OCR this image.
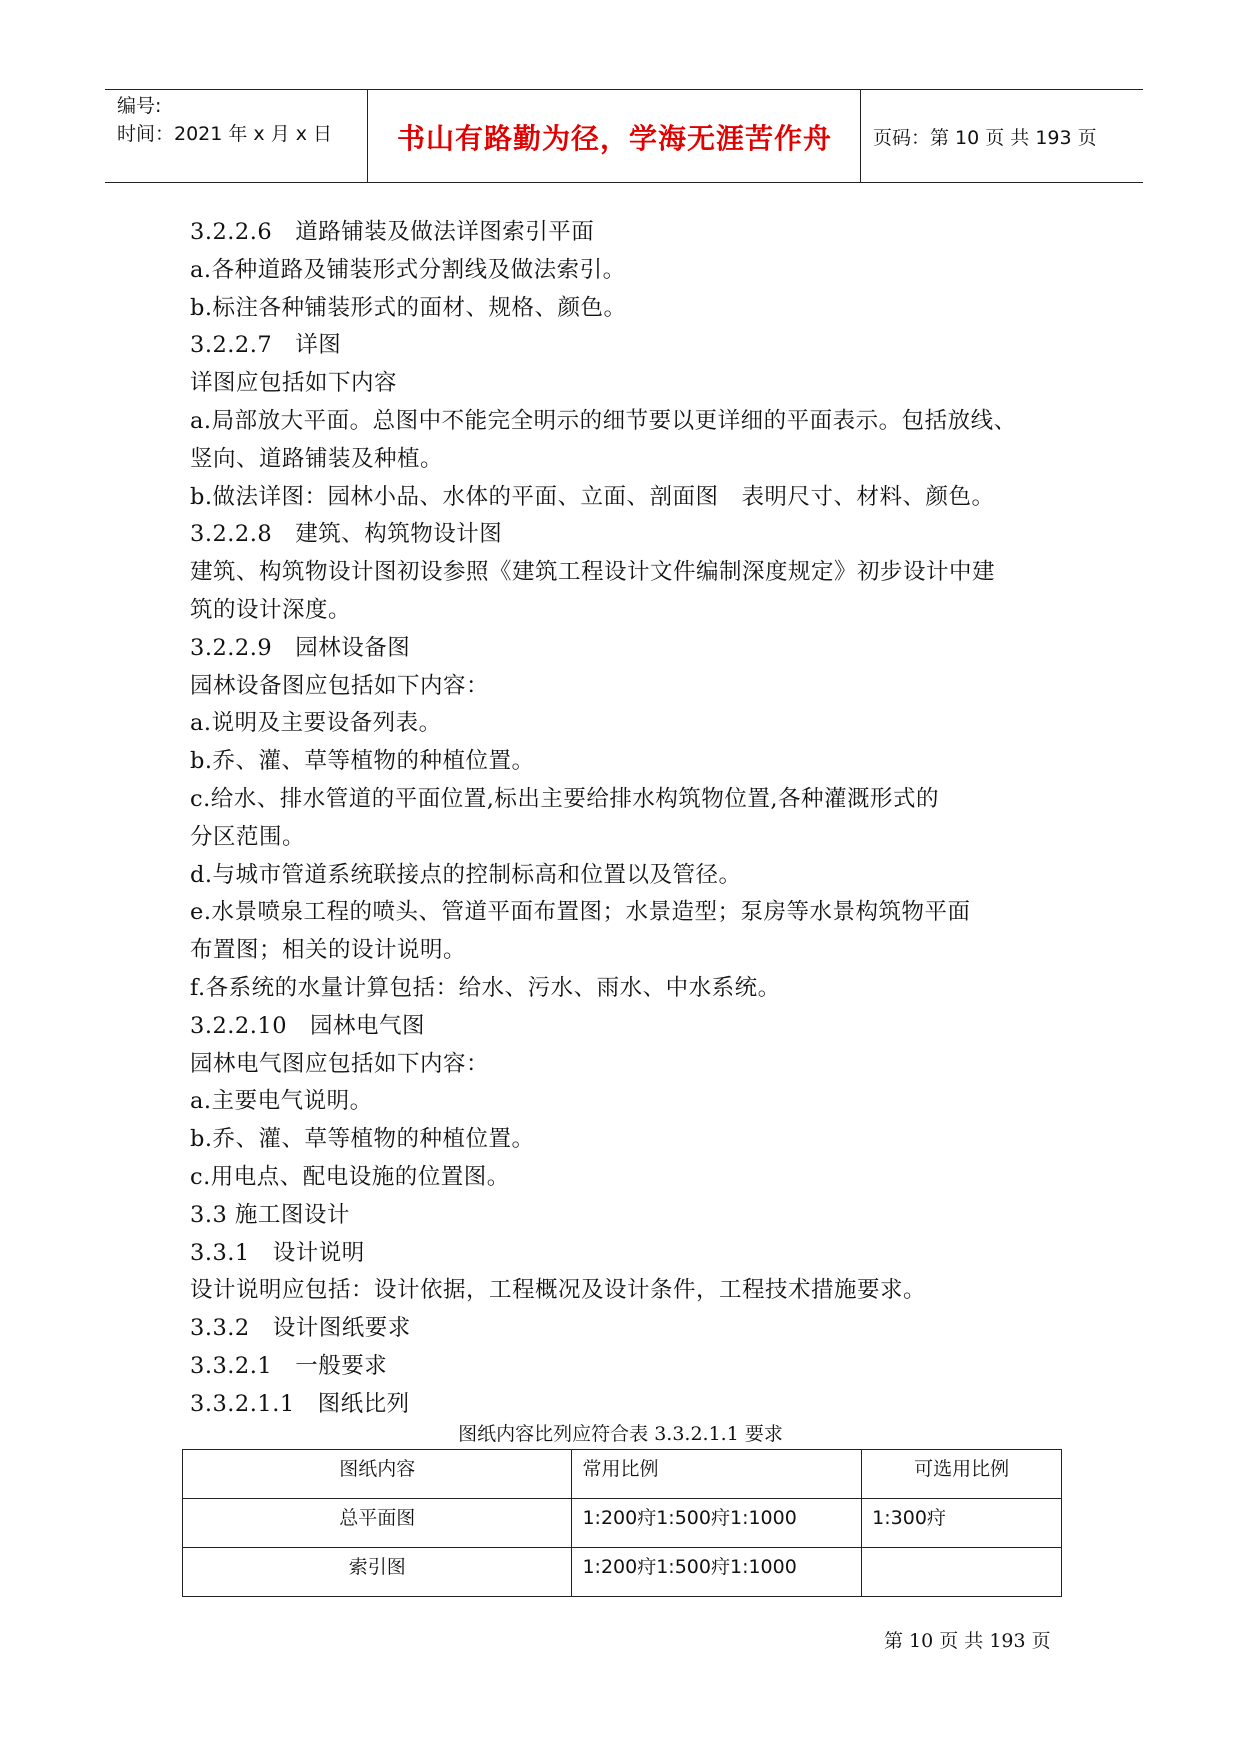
编号:
时间：2021 年 x 月 x 日	书山有路勤为径，学海无涯苦作舟	页码：第 10 页 共 193 页
3.2.2.6　道路铺装及做法详图索引平面
a.各种道路及铺装形式分割线及做法索引。
b.标注各种铺装形式的面材、规格、颜色。
3.2.2.7　详图
详图应包括如下内容
a.局部放大平面。总图中不能完全明示的细节要以更详细的平面表示。包括放线、
竖向、道路铺装及种植。
b.做法详图：园林小品、水体的平面、立面、剖面图　表明尺寸、材料、颜色。
3.2.2.8　建筑、构筑物设计图
建筑、构筑物设计图初设参照《建筑工程设计文件编制深度规定》初步设计中建
筑的设计深度。
3.2.2.9　园林设备图
园林设备图应包括如下内容：
a.说明及主要设备列表。
b.乔、灌、草等植物的种植位置。
c.给水、排水管道的平面位置,标出主要给排水构筑物位置,各种灌溉形式的
分区范围。
d.与城市管道系统联接点的控制标高和位置以及管径。
e.水景喷泉工程的喷头、管道平面布置图；水景造型；泵房等水景构筑物平面
布置图；相关的设计说明。
f.各系统的水量计算包括：给水、污水、雨水、中水系统。
3.2.2.10　园林电气图
园林电气图应包括如下内容：
a.主要电气说明。
b.乔、灌、草等植物的种植位置。
c.用电点、配电设施的位置图。
3.3 施工图设计
3.3.1　设计说明
设计说明应包括：设计依据，工程概况及设计条件，工程技术措施要求。
3.3.2　设计图纸要求
3.3.2.1　一般要求
3.3.2.1.1　图纸比列
图纸内容比列应符合表 3.3.2.1.1 要求
图纸内容	常用比例	可选用比例
总平面图	1:200疛1:500疛1:1000	1:300疛
索引图	1:200疛1:500疛1:1000	
第 10 页 共 193 页
